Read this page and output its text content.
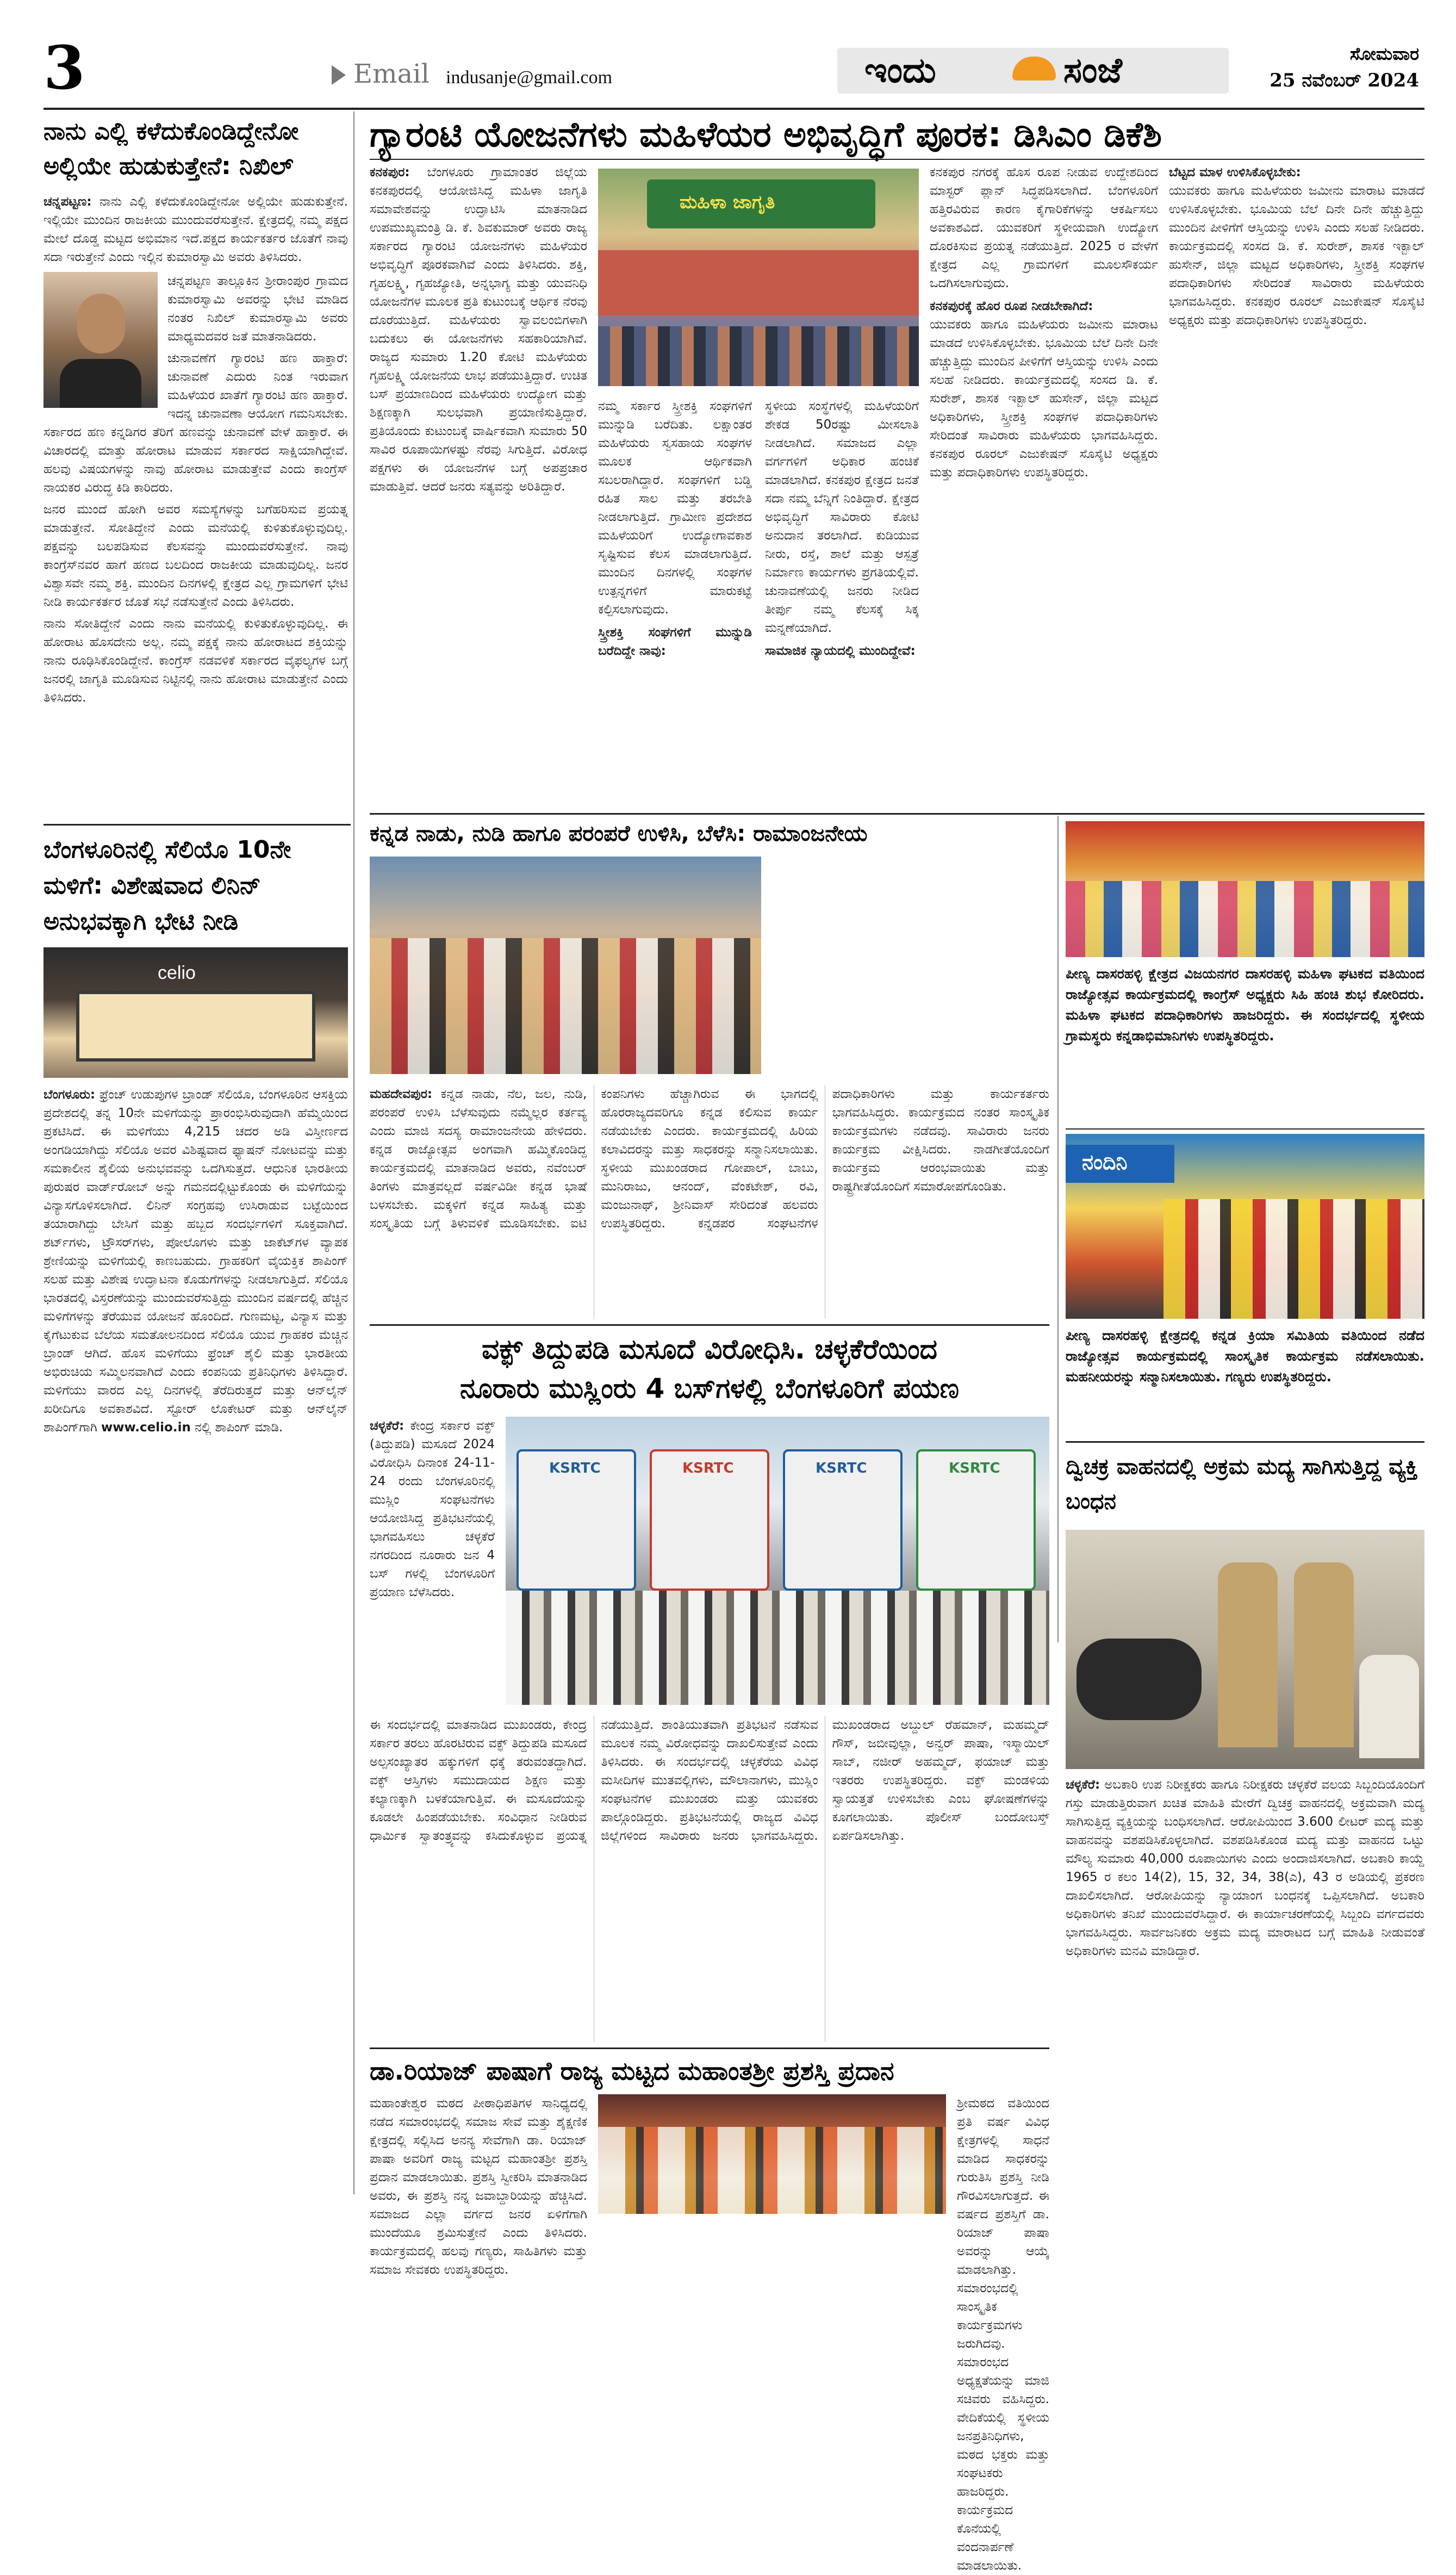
3	Email indusanje@gmail.com	ಇಂದು	ಸಂಜೆ	ಸೋಮವಾರ
25 ನವೆಂಬರ್ 2024
ನಾನು ಎಲ್ಲಿ ಕಳೆದುಕೊಂಡಿದ್ದೇನೋ ಅಲ್ಲಿಯೇ ಹುಡುಕುತ್ತೇನೆ: ನಿಖಿಲ್
ಚನ್ನಪಟ್ಟಣ: ನಾನು ಎಲ್ಲಿ ಕಳೆದುಕೊಂಡಿದ್ದೇನೋ ಅಲ್ಲಿಯೇ ಹುಡುಕುತ್ತೇನೆ. ಇಲ್ಲಿಯೇ ಮುಂದಿನ ರಾಜಕೀಯ ಮುಂದುವರೆಸುತ್ತೇನೆ. ಕ್ಷೇತ್ರದಲ್ಲಿ ನಮ್ಮ ಪಕ್ಷದ ಮೇಲೆ ದೊಡ್ಡ ಮಟ್ಟದ ಅಭಿಮಾನ ಇದೆ.ಪಕ್ಷದ ಕಾರ್ಯಕರ್ತರ ಜೊತೆಗೆ ನಾವು ಸದಾ ಇರುತ್ತೇನೆ ಎಂದು ಇಲ್ಲಿನ ಕುಮಾರಸ್ವಾಮಿ ಅವರು ತಿಳಿಸಿದರು.
ಚನ್ನಪಟ್ಟಣ ತಾಲ್ಲೂಕಿನ ಶ್ರೀರಾಂಪುರ ಗ್ರಾಮದ ಕುಮಾರಸ್ವಾಮಿ ಅವರನ್ನು ಭೇಟಿ ಮಾಡಿದ ನಂತರ ನಿಖಿಲ್ ಕುಮಾರಸ್ವಾಮಿ ಅವರು ಮಾಧ್ಯಮದವರ ಜತೆ ಮಾತನಾಡಿದರು.
ಚುನಾವಣೆಗೆ ಗ್ಯಾರಂಟಿ ಹಣ ಹಾಕ್ತಾರೆ: ಚುನಾವಣೆ ಎದುರು ನಿಂತ ಇರುವಾಗ ಮಹಿಳೆಯರ ಖಾತೆಗೆ ಗ್ಯಾರಂಟಿ ಹಣ ಹಾಕ್ತಾರೆ. ಇದನ್ನ ಚುನಾವಣಾ ಆಯೋಗ ಗಮನಿಸಬೇಕು. ಸರ್ಕಾರದ ಹಣ ಕನ್ನಡಿಗರ ತೆರಿಗೆ ಹಣವನ್ನು ಚುನಾವಣೆ ವೇಳೆ ಹಾಕ್ತಾರೆ. ಈ ವಿಚಾರದಲ್ಲಿ ಮಾತ್ತು ಹೋರಾಟ ಮಾಡುವ ಸರ್ಕಾರದ ಸಾಕ್ಷಿಯಾಗಿದ್ದೇವೆ. ಹಲವು ವಿಷಯಗಳನ್ನು ನಾವು ಹೋರಾಟ ಮಾಡುತ್ತೇವೆ ಎಂದು ಕಾಂಗ್ರೆಸ್ ನಾಯಕರ ವಿರುದ್ಧ ಕಿಡಿ ಕಾರಿದರು.
ಜನರ ಮುಂದೆ ಹೋಗಿ ಅವರ ಸಮಸ್ಯೆಗಳನ್ನು ಬಗೆಹರಿಸುವ ಪ್ರಯತ್ನ ಮಾಡುತ್ತೇನೆ. ಸೋತಿದ್ದೇನೆ ಎಂದು ಮನೆಯಲ್ಲಿ ಕುಳಿತುಕೊಳ್ಳುವುದಿಲ್ಲ. ಪಕ್ಷವನ್ನು ಬಲಪಡಿಸುವ ಕೆಲಸವನ್ನು ಮುಂದುವರೆಸುತ್ತೇನೆ. ನಾವು ಕಾಂಗ್ರೆಸ್‌ನವರ ಹಾಗೆ ಹಣದ ಬಲದಿಂದ ರಾಜಕೀಯ ಮಾಡುವುದಿಲ್ಲ. ಜನರ ವಿಶ್ವಾಸವೇ ನಮ್ಮ ಶಕ್ತಿ. ಮುಂದಿನ ದಿನಗಳಲ್ಲಿ ಕ್ಷೇತ್ರದ ಎಲ್ಲ ಗ್ರಾಮಗಳಿಗೆ ಭೇಟಿ ನೀಡಿ ಕಾರ್ಯಕರ್ತರ ಜೊತೆ ಸಭೆ ನಡೆಸುತ್ತೇನೆ ಎಂದು ತಿಳಿಸಿದರು.
ನಾನು ಸೋತಿದ್ದೇನೆ ಎಂದು ನಾನು ಮನೆಯಲ್ಲಿ ಕುಳಿತುಕೊಳ್ಳುವುದಿಲ್ಲ. ಈ ಹೋರಾಟ ಹೊಸದೇನು ಅಲ್ಲ. ನಮ್ಮ ಪಕ್ಷಕ್ಕೆ ನಾನು ಹೋರಾಟದ ಶಕ್ತಿಯನ್ನು ನಾನು ರೂಢಿಸಿಕೊಂಡಿದ್ದೇನೆ. ಕಾಂಗ್ರೆಸ್ ನಡವಳಿಕೆ ಸರ್ಕಾರದ ವೈಫಲ್ಯಗಳ ಬಗ್ಗೆ ಜನರಲ್ಲಿ ಜಾಗೃತಿ ಮೂಡಿಸುವ ನಿಟ್ಟಿನಲ್ಲಿ ನಾನು ಹೋರಾಟ ಮಾಡುತ್ತೇನೆ ಎಂದು ತಿಳಿಸಿದರು.
ಬೆಂಗಳೂರಿನಲ್ಲಿ ಸೆಲಿಯೊ 10ನೇ ಮಳಿಗೆ: ವಿಶೇಷವಾದ ಲಿನಿನ್ ಅನುಭವಕ್ಕಾಗಿ ಭೇಟಿ ನೀಡಿ
celio
ಬೆಂಗಳೂರು: ಫ್ರೆಂಚ್ ಉಡುಪುಗಳ ಬ್ರಾಂಡ್ ಸೆಲಿಯೊ, ಬೆಂಗಳೂರಿನ ಆಸಕ್ತಿಯ ಪ್ರದೇಶದಲ್ಲಿ ತನ್ನ 10ನೇ ಮಳಿಗೆಯನ್ನು ಪ್ರಾರಂಭಿಸಿರುವುದಾಗಿ ಹೆಮ್ಮೆಯಿಂದ ಪ್ರಕಟಿಸಿದೆ. ಈ ಮಳಿಗೆಯು 4,215 ಚದರ ಅಡಿ ವಿಸ್ತೀರ್ಣದ ಅಂಗಡಿಯಾಗಿದ್ದು ಸೆಲಿಯೊ ಅವರ ವಿಶಿಷ್ಟವಾದ ಫ್ಯಾಷನ್ ನೋಟವನ್ನು ಮತ್ತು ಸಮಕಾಲೀನ ಶೈಲಿಯ ಅನುಭವವನ್ನು ಒದಗಿಸುತ್ತದೆ. ಆಧುನಿಕ ಭಾರತೀಯ ಪುರುಷರ ವಾರ್ಡ್‌ರೋಬ್ ಅನ್ನು ಗಮನದಲ್ಲಿಟ್ಟುಕೊಂಡು ಈ ಮಳಿಗೆಯನ್ನು ವಿನ್ಯಾಸಗೊಳಿಸಲಾಗಿದೆ. ಲಿನಿನ್ ಸಂಗ್ರಹವು ಉಸಿರಾಡುವ ಬಟ್ಟೆಯಿಂದ ತಯಾರಾಗಿದ್ದು ಬೇಸಿಗೆ ಮತ್ತು ಹಬ್ಬದ ಸಂದರ್ಭಗಳಿಗೆ ಸೂಕ್ತವಾಗಿದೆ. ಶರ್ಟ್‌ಗಳು, ಟ್ರೌಸರ್‌ಗಳು, ಪೋಲೊಗಳು ಮತ್ತು ಜಾಕೆಟ್‌ಗಳ ವ್ಯಾಪಕ ಶ್ರೇಣಿಯನ್ನು ಮಳಿಗೆಯಲ್ಲಿ ಕಾಣಬಹುದು. ಗ್ರಾಹಕರಿಗೆ ವೈಯಕ್ತಿಕ ಶಾಪಿಂಗ್ ಸಲಹೆ ಮತ್ತು ವಿಶೇಷ ಉದ್ಘಾಟನಾ ಕೊಡುಗೆಗಳನ್ನು ನೀಡಲಾಗುತ್ತಿದೆ. ಸೆಲಿಯೊ ಭಾರತದಲ್ಲಿ ವಿಸ್ತರಣೆಯನ್ನು ಮುಂದುವರೆಸುತ್ತಿದ್ದು ಮುಂದಿನ ವರ್ಷದಲ್ಲಿ ಹೆಚ್ಚಿನ ಮಳಿಗೆಗಳನ್ನು ತೆರೆಯುವ ಯೋಜನೆ ಹೊಂದಿದೆ. ಗುಣಮಟ್ಟ, ವಿನ್ಯಾಸ ಮತ್ತು ಕೈಗೆಟುಕುವ ಬೆಲೆಯ ಸಮತೋಲನದಿಂದ ಸೆಲಿಯೊ ಯುವ ಗ್ರಾಹಕರ ಮೆಚ್ಚಿನ ಬ್ರಾಂಡ್ ಆಗಿದೆ. ಹೊಸ ಮಳಿಗೆಯು ಫ್ರೆಂಚ್ ಶೈಲಿ ಮತ್ತು ಭಾರತೀಯ ಅಭಿರುಚಿಯ ಸಮ್ಮಿಲನವಾಗಿದೆ ಎಂದು ಕಂಪನಿಯ ಪ್ರತಿನಿಧಿಗಳು ತಿಳಿಸಿದ್ದಾರೆ. ಮಳಿಗೆಯು ವಾರದ ಎಲ್ಲ ದಿನಗಳಲ್ಲಿ ತೆರೆದಿರುತ್ತದೆ ಮತ್ತು ಆನ್‌ಲೈನ್ ಖರೀದಿಗೂ ಅವಕಾಶವಿದೆ. ಸ್ಟೋರ್ ಲೊಕೇಟರ್ ಮತ್ತು ಆನ್‌ಲೈನ್ ಶಾಪಿಂಗ್‌ಗಾಗಿ www.celio.in ನಲ್ಲಿ ಶಾಪಿಂಗ್ ಮಾಡಿ.
ಗ್ಯಾರಂಟಿ ಯೋಜನೆಗಳು ಮಹಿಳೆಯರ ಅಭಿವೃದ್ಧಿಗೆ ಪೂರಕ: ಡಿಸಿಎಂ ಡಿಕೆಶಿ
ಕನಕಪುರ: ಬೆಂಗಳೂರು ಗ್ರಾಮಾಂತರ ಜಿಲ್ಲೆಯ ಕನಕಪುರದಲ್ಲಿ ಆಯೋಜಿಸಿದ್ದ ಮಹಿಳಾ ಜಾಗೃತಿ ಸಮಾವೇಶವನ್ನು ಉದ್ಘಾಟಿಸಿ ಮಾತನಾಡಿದ ಉಪಮುಖ್ಯಮಂತ್ರಿ ಡಿ. ಕೆ. ಶಿವಕುಮಾರ್ ಅವರು ರಾಜ್ಯ ಸರ್ಕಾರದ ಗ್ಯಾರಂಟಿ ಯೋಜನೆಗಳು ಮಹಿಳೆಯರ ಅಭಿವೃದ್ಧಿಗೆ ಪೂರಕವಾಗಿವೆ ಎಂದು ತಿಳಿಸಿದರು. ಶಕ್ತಿ, ಗೃಹಲಕ್ಷ್ಮಿ, ಗೃಹಜ್ಯೋತಿ, ಅನ್ನಭಾಗ್ಯ ಮತ್ತು ಯುವನಿಧಿ ಯೋಜನೆಗಳ ಮೂಲಕ ಪ್ರತಿ ಕುಟುಂಬಕ್ಕೆ ಆರ್ಥಿಕ ನೆರವು ದೊರೆಯುತ್ತಿದೆ. ಮಹಿಳೆಯರು ಸ್ವಾವಲಂಬಿಗಳಾಗಿ ಬದುಕಲು ಈ ಯೋಜನೆಗಳು ಸಹಕಾರಿಯಾಗಿವೆ. ರಾಜ್ಯದ ಸುಮಾರು 1.20 ಕೋಟಿ ಮಹಿಳೆಯರು ಗೃಹಲಕ್ಷ್ಮಿ ಯೋಜನೆಯ ಲಾಭ ಪಡೆಯುತ್ತಿದ್ದಾರೆ. ಉಚಿತ ಬಸ್ ಪ್ರಯಾಣದಿಂದ ಮಹಿಳೆಯರು ಉದ್ಯೋಗ ಮತ್ತು ಶಿಕ್ಷಣಕ್ಕಾಗಿ ಸುಲಭವಾಗಿ ಪ್ರಯಾಣಿಸುತ್ತಿದ್ದಾರೆ. ಪ್ರತಿಯೊಂದು ಕುಟುಂಬಕ್ಕೆ ವಾರ್ಷಿಕವಾಗಿ ಸುಮಾರು 50 ಸಾವಿರ ರೂಪಾಯಿಗಳಷ್ಟು ನೆರವು ಸಿಗುತ್ತಿದೆ. ವಿರೋಧ ಪಕ್ಷಗಳು ಈ ಯೋಜನೆಗಳ ಬಗ್ಗೆ ಅಪಪ್ರಚಾರ ಮಾಡುತ್ತಿವೆ. ಆದರೆ ಜನರು ಸತ್ಯವನ್ನು ಅರಿತಿದ್ದಾರೆ.
ಮಹಿಳಾ ಜಾಗೃತಿ
ನಮ್ಮ ಸರ್ಕಾರ ಸ್ತ್ರೀಶಕ್ತಿ ಸಂಘಗಳಿಗೆ ಮುನ್ನುಡಿ ಬರೆದಿತು. ಲಕ್ಷಾಂತರ ಮಹಿಳೆಯರು ಸ್ವಸಹಾಯ ಸಂಘಗಳ ಮೂಲಕ ಆರ್ಥಿಕವಾಗಿ ಸಬಲರಾಗಿದ್ದಾರೆ. ಸಂಘಗಳಿಗೆ ಬಡ್ಡಿ ರಹಿತ ಸಾಲ ಮತ್ತು ತರಬೇತಿ ನೀಡಲಾಗುತ್ತಿದೆ. ಗ್ರಾಮೀಣ ಪ್ರದೇಶದ ಮಹಿಳೆಯರಿಗೆ ಉದ್ಯೋಗಾವಕಾಶ ಸೃಷ್ಟಿಸುವ ಕೆಲಸ ಮಾಡಲಾಗುತ್ತಿದೆ. ಮುಂದಿನ ದಿನಗಳಲ್ಲಿ ಸಂಘಗಳ ಉತ್ಪನ್ನಗಳಿಗೆ ಮಾರುಕಟ್ಟೆ ಕಲ್ಪಿಸಲಾಗುವುದು.
ಸ್ತ್ರೀಶಕ್ತಿ ಸಂಘಗಳಿಗೆ ಮುನ್ನುಡಿ ಬರೆದಿದ್ದೇ ನಾವು:
ಸ್ಥಳೀಯ ಸಂಸ್ಥೆಗಳಲ್ಲಿ ಮಹಿಳೆಯರಿಗೆ ಶೇಕಡ 50ರಷ್ಟು ಮೀಸಲಾತಿ ನೀಡಲಾಗಿದೆ. ಸಮಾಜದ ಎಲ್ಲಾ ವರ್ಗಗಳಿಗೆ ಅಧಿಕಾರ ಹಂಚಿಕೆ ಮಾಡಲಾಗಿದೆ. ಕನಕಪುರ ಕ್ಷೇತ್ರದ ಜನತೆ ಸದಾ ನಮ್ಮ ಬೆನ್ನಿಗೆ ನಿಂತಿದ್ದಾರೆ. ಕ್ಷೇತ್ರದ ಅಭಿವೃದ್ಧಿಗೆ ಸಾವಿರಾರು ಕೋಟಿ ಅನುದಾನ ತರಲಾಗಿದೆ. ಕುಡಿಯುವ ನೀರು, ರಸ್ತೆ, ಶಾಲೆ ಮತ್ತು ಆಸ್ಪತ್ರೆ ನಿರ್ಮಾಣ ಕಾರ್ಯಗಳು ಪ್ರಗತಿಯಲ್ಲಿವೆ. ಚುನಾವಣೆಯಲ್ಲಿ ಜನರು ನೀಡಿದ ತೀರ್ಪು ನಮ್ಮ ಕೆಲಸಕ್ಕೆ ಸಿಕ್ಕ ಮನ್ನಣೆಯಾಗಿದೆ.
ಸಾಮಾಜಿಕ ನ್ಯಾಯದಲ್ಲಿ ಮುಂದಿದ್ದೇವೆ:
ಕನಕಪುರ ನಗರಕ್ಕೆ ಹೊಸ ರೂಪ ನೀಡುವ ಉದ್ದೇಶದಿಂದ ಮಾಸ್ಟರ್ ಪ್ಲಾನ್ ಸಿದ್ಧಪಡಿಸಲಾಗಿದೆ. ಬೆಂಗಳೂರಿಗೆ ಹತ್ತಿರವಿರುವ ಕಾರಣ ಕೈಗಾರಿಕೆಗಳನ್ನು ಆಕರ್ಷಿಸಲು ಅವಕಾಶವಿದೆ. ಯುವಕರಿಗೆ ಸ್ಥಳೀಯವಾಗಿ ಉದ್ಯೋಗ ದೊರಕಿಸುವ ಪ್ರಯತ್ನ ನಡೆಯುತ್ತಿದೆ. 2025 ರ ವೇಳೆಗೆ ಕ್ಷೇತ್ರದ ಎಲ್ಲ ಗ್ರಾಮಗಳಿಗೆ ಮೂಲಸೌಕರ್ಯ ಒದಗಿಸಲಾಗುವುದು.
ಕನಕಪುರಕ್ಕೆ ಹೊರ ರೂಪ ನೀಡಬೇಕಾಗಿದೆ:
ಯುವಕರು ಹಾಗೂ ಮಹಿಳೆಯರು ಜಮೀನು ಮಾರಾಟ ಮಾಡದೆ ಉಳಿಸಿಕೊಳ್ಳಬೇಕು. ಭೂಮಿಯ ಬೆಲೆ ದಿನೇ ದಿನೇ ಹೆಚ್ಚುತ್ತಿದ್ದು ಮುಂದಿನ ಪೀಳಿಗೆಗೆ ಆಸ್ತಿಯನ್ನು ಉಳಿಸಿ ಎಂದು ಸಲಹೆ ನೀಡಿದರು. ಕಾರ್ಯಕ್ರಮದಲ್ಲಿ ಸಂಸದ ಡಿ. ಕೆ. ಸುರೇಶ್, ಶಾಸಕ ಇಕ್ಬಾಲ್ ಹುಸೇನ್, ಜಿಲ್ಲಾ ಮಟ್ಟದ ಅಧಿಕಾರಿಗಳು, ಸ್ತ್ರೀಶಕ್ತಿ ಸಂಘಗಳ ಪದಾಧಿಕಾರಿಗಳು ಸೇರಿದಂತೆ ಸಾವಿರಾರು ಮಹಿಳೆಯರು ಭಾಗವಹಿಸಿದ್ದರು. ಕನಕಪುರ ರೂರಲ್ ಎಜುಕೇಷನ್ ಸೊಸೈಟಿ ಅಧ್ಯಕ್ಷರು ಮತ್ತು ಪದಾಧಿಕಾರಿಗಳು ಉಪಸ್ಥಿತರಿದ್ದರು.
ಬೆಟ್ಟದ ಮಾಳ ಉಳಿಸಿಕೊಳ್ಳಬೇಕು:
ಯುವಕರು ಹಾಗೂ ಮಹಿಳೆಯರು ಜಮೀನು ಮಾರಾಟ ಮಾಡದೆ ಉಳಿಸಿಕೊಳ್ಳಬೇಕು. ಭೂಮಿಯ ಬೆಲೆ ದಿನೇ ದಿನೇ ಹೆಚ್ಚುತ್ತಿದ್ದು ಮುಂದಿನ ಪೀಳಿಗೆಗೆ ಆಸ್ತಿಯನ್ನು ಉಳಿಸಿ ಎಂದು ಸಲಹೆ ನೀಡಿದರು. ಕಾರ್ಯಕ್ರಮದಲ್ಲಿ ಸಂಸದ ಡಿ. ಕೆ. ಸುರೇಶ್, ಶಾಸಕ ಇಕ್ಬಾಲ್ ಹುಸೇನ್, ಜಿಲ್ಲಾ ಮಟ್ಟದ ಅಧಿಕಾರಿಗಳು, ಸ್ತ್ರೀಶಕ್ತಿ ಸಂಘಗಳ ಪದಾಧಿಕಾರಿಗಳು ಸೇರಿದಂತೆ ಸಾವಿರಾರು ಮಹಿಳೆಯರು ಭಾಗವಹಿಸಿದ್ದರು. ಕನಕಪುರ ರೂರಲ್ ಎಜುಕೇಷನ್ ಸೊಸೈಟಿ ಅಧ್ಯಕ್ಷರು ಮತ್ತು ಪದಾಧಿಕಾರಿಗಳು ಉಪಸ್ಥಿತರಿದ್ದರು.
ಕನ್ನಡ ನಾಡು, ನುಡಿ ಹಾಗೂ ಪರಂಪರೆ ಉಳಿಸಿ, ಬೆಳೆಸಿ: ರಾಮಾಂಜನೇಯ
ಮಹದೇವಪುರ: ಕನ್ನಡ ನಾಡು, ನೆಲ, ಜಲ, ನುಡಿ, ಪರಂಪರೆ ಉಳಿಸಿ ಬೆಳೆಸುವುದು ನಮ್ಮೆಲ್ಲರ ಕರ್ತವ್ಯ ಎಂದು ಮಾಜಿ ಸದಸ್ಯ ರಾಮಾಂಜನೇಯ ಹೇಳಿದರು. ಕನ್ನಡ ರಾಜ್ಯೋತ್ಸವ ಅಂಗವಾಗಿ ಹಮ್ಮಿಕೊಂಡಿದ್ದ ಕಾರ್ಯಕ್ರಮದಲ್ಲಿ ಮಾತನಾಡಿದ ಅವರು, ನವೆಂಬರ್ ತಿಂಗಳು ಮಾತ್ರವಲ್ಲದೆ ವರ್ಷವಿಡೀ ಕನ್ನಡ ಭಾಷೆ ಬಳಸಬೇಕು. ಮಕ್ಕಳಿಗೆ ಕನ್ನಡ ಸಾಹಿತ್ಯ ಮತ್ತು ಸಂಸ್ಕೃತಿಯ ಬಗ್ಗೆ ತಿಳುವಳಿಕೆ ಮೂಡಿಸಬೇಕು. ಐಟಿ ಕಂಪನಿಗಳು ಹೆಚ್ಚಾಗಿರುವ ಈ ಭಾಗದಲ್ಲಿ ಹೊರರಾಜ್ಯದವರಿಗೂ ಕನ್ನಡ ಕಲಿಸುವ ಕಾರ್ಯ ನಡೆಯಬೇಕು ಎಂದರು. ಕಾರ್ಯಕ್ರಮದಲ್ಲಿ ಹಿರಿಯ ಕಲಾವಿದರನ್ನು ಮತ್ತು ಸಾಧಕರನ್ನು ಸನ್ಮಾನಿಸಲಾಯಿತು. ಸ್ಥಳೀಯ ಮುಖಂಡರಾದ ಗೋಪಾಲ್, ಬಾಬು, ಮುನಿರಾಜು, ಆನಂದ್, ವೆಂಕಟೇಶ್, ರವಿ, ಮಂಜುನಾಥ್, ಶ್ರೀನಿವಾಸ್ ಸೇರಿದಂತೆ ಹಲವರು ಉಪಸ್ಥಿತರಿದ್ದರು. ಕನ್ನಡಪರ ಸಂಘಟನೆಗಳ ಪದಾಧಿಕಾರಿಗಳು ಮತ್ತು ಕಾರ್ಯಕರ್ತರು ಭಾಗವಹಿಸಿದ್ದರು. ಕಾರ್ಯಕ್ರಮದ ನಂತರ ಸಾಂಸ್ಕೃತಿಕ ಕಾರ್ಯಕ್ರಮಗಳು ನಡೆದವು. ಸಾವಿರಾರು ಜನರು ಕಾರ್ಯಕ್ರಮ ವೀಕ್ಷಿಸಿದರು. ನಾಡಗೀತೆಯೊಂದಿಗೆ ಕಾರ್ಯಕ್ರಮ ಆರಂಭವಾಯಿತು ಮತ್ತು ರಾಷ್ಟ್ರಗೀತೆಯೊಂದಿಗೆ ಸಮಾರೋಪಗೊಂಡಿತು.
ಪೀಣ್ಯ ದಾಸರಹಳ್ಳಿ ಕ್ಷೇತ್ರದ ವಿಜಯನಗರ ದಾಸರಹಳ್ಳಿ ಮಹಿಳಾ ಘಟಕದ ವತಿಯಿಂದ ರಾಜ್ಯೋತ್ಸವ ಕಾರ್ಯಕ್ರಮದಲ್ಲಿ ಕಾಂಗ್ರೆಸ್ ಅಧ್ಯಕ್ಷರು ಸಿಹಿ ಹಂಚಿ ಶುಭ ಕೋರಿದರು. ಮಹಿಳಾ ಘಟಕದ ಪದಾಧಿಕಾರಿಗಳು ಹಾಜರಿದ್ದರು. ಈ ಸಂದರ್ಭದಲ್ಲಿ ಸ್ಥಳೀಯ ಗ್ರಾಮಸ್ಥರು ಕನ್ನಡಾಭಿಮಾನಿಗಳು ಉಪಸ್ಥಿತರಿದ್ದರು.
ನಂದಿನಿ
ಪೀಣ್ಯ ದಾಸರಹಳ್ಳಿ ಕ್ಷೇತ್ರದಲ್ಲಿ ಕನ್ನಡ ಕ್ರಿಯಾ ಸಮಿತಿಯ ವತಿಯಿಂದ ನಡೆದ ರಾಜ್ಯೋತ್ಸವ ಕಾರ್ಯಕ್ರಮದಲ್ಲಿ ಸಾಂಸ್ಕೃತಿಕ ಕಾರ್ಯಕ್ರಮ ನಡೆಸಲಾಯಿತು. ಮಹನೀಯರನ್ನು ಸನ್ಮಾನಿಸಲಾಯಿತು. ಗಣ್ಯರು ಉಪಸ್ಥಿತರಿದ್ದರು.
ವಕ್ಫ್ ತಿದ್ದುಪಡಿ ಮಸೂದೆ ವಿರೋಧಿಸಿ. ಚಳ್ಳಕೆರೆಯಿಂದ
ನೂರಾರು ಮುಸ್ಲಿಂರು 4 ಬಸ್‌ಗಳಲ್ಲಿ ಬೆಂಗಳೂರಿಗೆ ಪಯಣ
ಚಳ್ಳಕೆರೆ: ಕೇಂದ್ರ ಸರ್ಕಾರ ವಕ್ಫ್ (ತಿದ್ದುಪಡಿ) ಮಸೂದೆ 2024 ವಿರೋಧಿಸಿ ದಿನಾಂಕ 24-11-24 ರಂದು ಬೆಂಗಳೂರಿನಲ್ಲಿ ಮುಸ್ಲಿಂ ಸಂಘಟನೆಗಳು ಆಯೋಜಿಸಿದ್ದ ಪ್ರತಿಭಟನೆಯಲ್ಲಿ ಭಾಗವಹಿಸಲು ಚಳ್ಳಕೆರೆ ನಗರದಿಂದ ನೂರಾರು ಜನ 4 ಬಸ್ ಗಳಲ್ಲಿ ಬೆಂಗಳೂರಿಗೆ ಪ್ರಯಾಣ ಬೆಳೆಸಿದರು.
KSRTC	KSRTC	KSRTC	KSRTC
ಈ ಸಂದರ್ಭದಲ್ಲಿ ಮಾತನಾಡಿದ ಮುಖಂಡರು, ಕೇಂದ್ರ ಸರ್ಕಾರ ತರಲು ಹೊರಟಿರುವ ವಕ್ಫ್ ತಿದ್ದುಪಡಿ ಮಸೂದೆ ಅಲ್ಪಸಂಖ್ಯಾತರ ಹಕ್ಕುಗಳಿಗೆ ಧಕ್ಕೆ ತರುವಂತದ್ದಾಗಿದೆ. ವಕ್ಫ್ ಆಸ್ತಿಗಳು ಸಮುದಾಯದ ಶಿಕ್ಷಣ ಮತ್ತು ಕಲ್ಯಾಣಕ್ಕಾಗಿ ಬಳಕೆಯಾಗುತ್ತಿವೆ. ಈ ಮಸೂದೆಯನ್ನು ಕೂಡಲೇ ಹಿಂಪಡೆಯಬೇಕು. ಸಂವಿಧಾನ ನೀಡಿರುವ ಧಾರ್ಮಿಕ ಸ್ವಾತಂತ್ರ್ಯವನ್ನು ಕಸಿದುಕೊಳ್ಳುವ ಪ್ರಯತ್ನ ನಡೆಯುತ್ತಿದೆ. ಶಾಂತಿಯುತವಾಗಿ ಪ್ರತಿಭಟನೆ ನಡೆಸುವ ಮೂಲಕ ನಮ್ಮ ವಿರೋಧವನ್ನು ದಾಖಲಿಸುತ್ತೇವೆ ಎಂದು ತಿಳಿಸಿದರು. ಈ ಸಂದರ್ಭದಲ್ಲಿ ಚಳ್ಳಕೆರೆಯ ವಿವಿಧ ಮಸೀದಿಗಳ ಮುತವಲ್ಲಿಗಳು, ಮೌಲಾನಾಗಳು, ಮುಸ್ಲಿಂ ಸಂಘಟನೆಗಳ ಮುಖಂಡರು ಮತ್ತು ಯುವಕರು ಪಾಲ್ಗೊಂಡಿದ್ದರು. ಪ್ರತಿಭಟನೆಯಲ್ಲಿ ರಾಜ್ಯದ ವಿವಿಧ ಜಿಲ್ಲೆಗಳಿಂದ ಸಾವಿರಾರು ಜನರು ಭಾಗವಹಿಸಿದ್ದರು. ಮುಖಂಡರಾದ ಅಬ್ದುಲ್ ರೆಹಮಾನ್, ಮಹಮ್ಮದ್ ಗೌಸ್, ಜಬೀವುಲ್ಲಾ, ಅನ್ವರ್ ಪಾಷಾ, ಇಸ್ಮಾಯಿಲ್ ಸಾಬ್, ನಜೀರ್ ಅಹಮ್ಮದ್, ಫಯಾಜ್ ಮತ್ತು ಇತರರು ಉಪಸ್ಥಿತರಿದ್ದರು. ವಕ್ಫ್ ಮಂಡಳಿಯ ಸ್ವಾಯತ್ತತೆ ಉಳಿಸಬೇಕು ಎಂಬ ಘೋಷಣೆಗಳನ್ನು ಕೂಗಲಾಯಿತು. ಪೊಲೀಸ್ ಬಂದೋಬಸ್ತ್ ಏರ್ಪಡಿಸಲಾಗಿತ್ತು.
ದ್ವಿಚಕ್ರ ವಾಹನದಲ್ಲಿ ಅಕ್ರಮ ಮದ್ಯ ಸಾಗಿಸುತ್ತಿದ್ದ ವ್ಯಕ್ತಿ ಬಂಧನ
ಚಳ್ಳಕೆರೆ: ಅಬಕಾರಿ ಉಪ ನಿರೀಕ್ಷಕರು ಹಾಗೂ ನಿರೀಕ್ಷಕರು ಚಳ್ಳಕೆರೆ ವಲಯ ಸಿಬ್ಬಂದಿಯೊಂದಿಗೆ ಗಸ್ತು ಮಾಡುತ್ತಿರುವಾಗ ಖಚಿತ ಮಾಹಿತಿ ಮೇರೆಗೆ ದ್ವಿಚಕ್ರ ವಾಹನದಲ್ಲಿ ಅಕ್ರಮವಾಗಿ ಮದ್ಯ ಸಾಗಿಸುತ್ತಿದ್ದ ವ್ಯಕ್ತಿಯನ್ನು ಬಂಧಿಸಲಾಗಿದೆ. ಆರೋಪಿಯಿಂದ 3.600 ಲೀಟರ್ ಮದ್ಯ ಮತ್ತು ವಾಹನವನ್ನು ವಶಪಡಿಸಿಕೊಳ್ಳಲಾಗಿದೆ. ವಶಪಡಿಸಿಕೊಂಡ ಮದ್ಯ ಮತ್ತು ವಾಹನದ ಒಟ್ಟು ಮೌಲ್ಯ ಸುಮಾರು 40,000 ರೂಪಾಯಿಗಳು ಎಂದು ಅಂದಾಜಿಸಲಾಗಿದೆ. ಅಬಕಾರಿ ಕಾಯ್ದೆ 1965 ರ ಕಲಂ 14(2), 15, 32, 34, 38(ಎ), 43 ರ ಅಡಿಯಲ್ಲಿ ಪ್ರಕರಣ ದಾಖಲಿಸಲಾಗಿದೆ. ಆರೋಪಿಯನ್ನು ನ್ಯಾಯಾಂಗ ಬಂಧನಕ್ಕೆ ಒಪ್ಪಿಸಲಾಗಿದೆ. ಅಬಕಾರಿ ಅಧಿಕಾರಿಗಳು ತನಿಖೆ ಮುಂದುವರೆಸಿದ್ದಾರೆ. ಈ ಕಾರ್ಯಾಚರಣೆಯಲ್ಲಿ ಸಿಬ್ಬಂದಿ ವರ್ಗದವರು ಭಾಗವಹಿಸಿದ್ದರು. ಸಾರ್ವಜನಿಕರು ಅಕ್ರಮ ಮದ್ಯ ಮಾರಾಟದ ಬಗ್ಗೆ ಮಾಹಿತಿ ನೀಡುವಂತೆ ಅಧಿಕಾರಿಗಳು ಮನವಿ ಮಾಡಿದ್ದಾರೆ.
ಡಾ.ರಿಯಾಜ್ ಪಾಷಾಗೆ ರಾಜ್ಯ ಮಟ್ಟದ ಮಹಾಂತಶ್ರೀ ಪ್ರಶಸ್ತಿ ಪ್ರದಾನ
ಮಹಾಂತೇಶ್ವರ ಮಠದ ಪೀಠಾಧಿಪತಿಗಳ ಸಾನಿಧ್ಯದಲ್ಲಿ ನಡೆದ ಸಮಾರಂಭದಲ್ಲಿ ಸಮಾಜ ಸೇವೆ ಮತ್ತು ಶೈಕ್ಷಣಿಕ ಕ್ಷೇತ್ರದಲ್ಲಿ ಸಲ್ಲಿಸಿದ ಅನನ್ಯ ಸೇವೆಗಾಗಿ ಡಾ. ರಿಯಾಜ್ ಪಾಷಾ ಅವರಿಗೆ ರಾಜ್ಯ ಮಟ್ಟದ ಮಹಾಂತಶ್ರೀ ಪ್ರಶಸ್ತಿ ಪ್ರದಾನ ಮಾಡಲಾಯಿತು. ಪ್ರಶಸ್ತಿ ಸ್ವೀಕರಿಸಿ ಮಾತನಾಡಿದ ಅವರು, ಈ ಪ್ರಶಸ್ತಿ ನನ್ನ ಜವಾಬ್ದಾರಿಯನ್ನು ಹೆಚ್ಚಿಸಿದೆ. ಸಮಾಜದ ಎಲ್ಲಾ ವರ್ಗದ ಜನರ ಏಳಿಗೆಗಾಗಿ ಮುಂದೆಯೂ ಶ್ರಮಿಸುತ್ತೇನೆ ಎಂದು ತಿಳಿಸಿದರು. ಕಾರ್ಯಕ್ರಮದಲ್ಲಿ ಹಲವು ಗಣ್ಯರು, ಸಾಹಿತಿಗಳು ಮತ್ತು ಸಮಾಜ ಸೇವಕರು ಉಪಸ್ಥಿತರಿದ್ದರು.
ಶ್ರೀಮಠದ ವತಿಯಿಂದ ಪ್ರತಿ ವರ್ಷ ವಿವಿಧ ಕ್ಷೇತ್ರಗಳಲ್ಲಿ ಸಾಧನೆ ಮಾಡಿದ ಸಾಧಕರನ್ನು ಗುರುತಿಸಿ ಪ್ರಶಸ್ತಿ ನೀಡಿ ಗೌರವಿಸಲಾಗುತ್ತದೆ. ಈ ವರ್ಷದ ಪ್ರಶಸ್ತಿಗೆ ಡಾ. ರಿಯಾಜ್ ಪಾಷಾ ಅವರನ್ನು ಆಯ್ಕೆ ಮಾಡಲಾಗಿತ್ತು. ಸಮಾರಂಭದಲ್ಲಿ ಸಾಂಸ್ಕೃತಿಕ ಕಾರ್ಯಕ್ರಮಗಳು ಜರುಗಿದವು. ಸಮಾರಂಭದ ಅಧ್ಯಕ್ಷತೆಯನ್ನು ಮಾಜಿ ಸಚಿವರು ವಹಿಸಿದ್ದರು. ವೇದಿಕೆಯಲ್ಲಿ ಸ್ಥಳೀಯ ಜನಪ್ರತಿನಿಧಿಗಳು, ಮಠದ ಭಕ್ತರು ಮತ್ತು ಸಂಘಟಕರು ಹಾಜರಿದ್ದರು. ಕಾರ್ಯಕ್ರಮದ ಕೊನೆಯಲ್ಲಿ ವಂದನಾರ್ಪಣೆ ಮಾಡಲಾಯಿತು.
